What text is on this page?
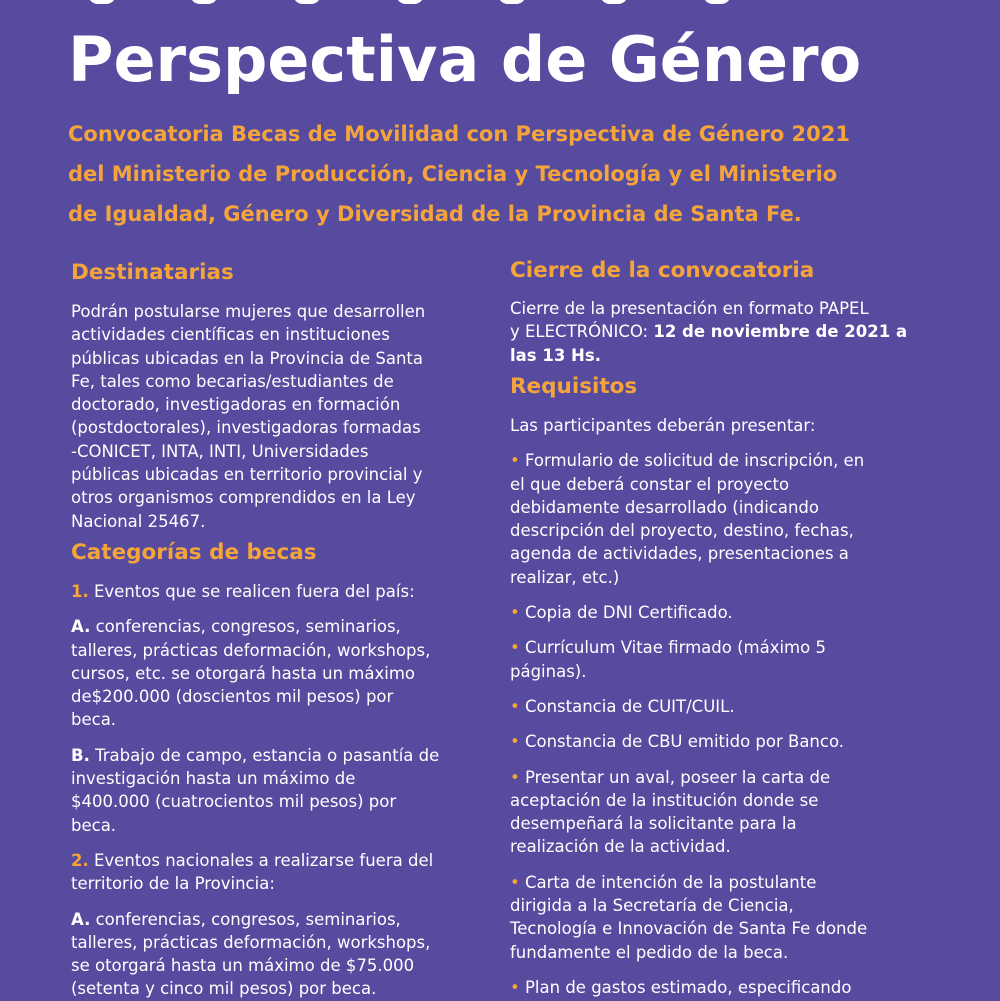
Perspectiva de Género
Convocatoria Becas de Movilidad con Perspectiva de Género 2021
del Ministerio de Producción, Ciencia y Tecnología y el Ministerio
de Igualdad, Género y Diversidad de la Provincia de Santa Fe.
Destinatarias
Podrán postularse mujeres que desarrollen
actividades científicas en instituciones
públicas ubicadas en la Provincia de Santa
Fe, tales como becarias/estudiantes de
doctorado, investigadoras en formación
(postdoctorales), investigadoras formadas
-CONICET, INTA, INTI, Universidades
públicas ubicadas en territorio provincial y
otros organismos comprendidos en la Ley
Nacional 25467.
Categorías de becas
1. Eventos que se realicen fuera del país:
A. conferencias, congresos, seminarios,
talleres, prácticas deformación, workshops,
cursos, etc. se otorgará hasta un máximo
de$200.000 (doscientos mil pesos) por
beca.
B. Trabajo de campo, estancia o pasantía de
investigación hasta un máximo de
$400.000 (cuatrocientos mil pesos) por
beca.
2. Eventos nacionales a realizarse fuera del
territorio de la Provincia:
A. conferencias, congresos, seminarios,
talleres, prácticas deformación, workshops,
se otorgará hasta un máximo de $75.000
(setenta y cinco mil pesos) por beca.
Cierre de la convocatoria
Cierre de la presentación en formato PAPEL
y ELECTRÓNICO: 12 de noviembre de 2021 a
las 13 Hs.
Requisitos
Las participantes deberán presentar:
• Formulario de solicitud de inscripción, en
el que deberá constar el proyecto
debidamente desarrollado (indicando
descripción del proyecto, destino, fechas,
agenda de actividades, presentaciones a
realizar, etc.)
• Copia de DNI Certificado.
• Currículum Vitae firmado (máximo 5
páginas).
• Constancia de CUIT/CUIL.
• Constancia de CBU emitido por Banco.
• Presentar un aval, poseer la carta de
aceptación de la institución donde se
desempeñará la solicitante para la
realización de la actividad.
• Carta de intención de la postulante
dirigida a la Secretaría de Ciencia,
Tecnología e Innovación de Santa Fe donde
fundamente el pedido de la beca.
• Plan de gastos estimado, especificando
